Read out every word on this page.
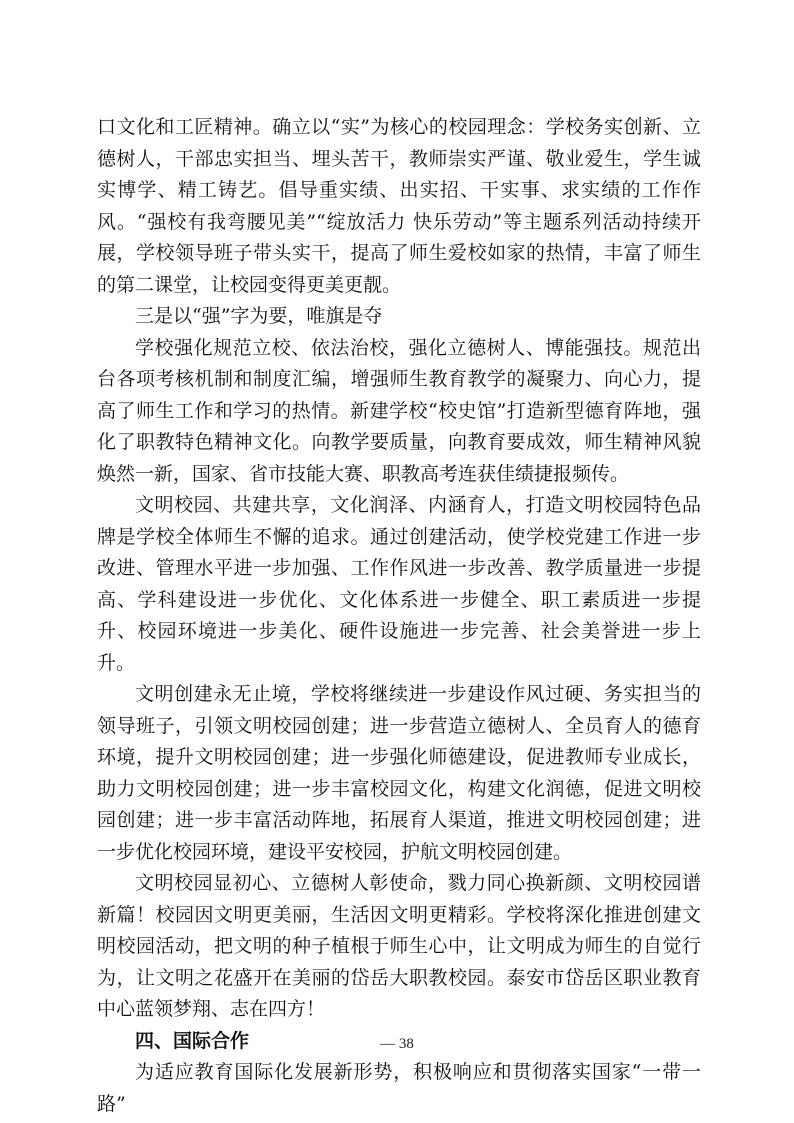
口文化和工匠精神。确立以“实”为核心的校园理念：学校务实创新、立德树人，干部忠实担当、埋头苦干，教师崇实严谨、敬业爱生，学生诚实博学、精工铸艺。倡导重实绩、出实招、干实事、求实绩的工作作风。“强校有我弯腰见美”“绽放活力 快乐劳动”等主题系列活动持续开展，学校领导班子带头实干，提高了师生爱校如家的热情，丰富了师生的第二课堂，让校园变得更美更靓。

三是以“强”字为要，唯旗是夺

学校强化规范立校、依法治校，强化立德树人、博能强技。规范出台各项考核机制和制度汇编，增强师生教育教学的凝聚力、向心力，提高了师生工作和学习的热情。新建学校“校史馆”打造新型德育阵地，强化了职教特色精神文化。向教学要质量，向教育要成效，师生精神风貌焕然一新，国家、省市技能大赛、职教高考连获佳绩捷报频传。

文明校园、共建共享，文化润泽、内涵育人，打造文明校园特色品牌是学校全体师生不懈的追求。通过创建活动，使学校党建工作进一步改进、管理水平进一步加强、工作作风进一步改善、教学质量进一步提高、学科建设进一步优化、文化体系进一步健全、职工素质进一步提升、校园环境进一步美化、硬件设施进一步完善、社会美誉进一步上升。

文明创建永无止境，学校将继续进一步建设作风过硬、务实担当的领导班子，引领文明校园创建；进一步营造立德树人、全员育人的德育环境，提升文明校园创建；进一步强化师德建设，促进教师专业成长，助力文明校园创建；进一步丰富校园文化，构建文化润德，促进文明校园创建；进一步丰富活动阵地，拓展育人渠道，推进文明校园创建；进一步优化校园环境，建设平安校园，护航文明校园创建。

文明校园显初心、立德树人彰使命，戮力同心换新颜、文明校园谱新篇！校园因文明更美丽，生活因文明更精彩。学校将深化推进创建文明校园活动，把文明的种子植根于师生心中，让文明成为师生的自觉行为，让文明之花盛开在美丽的岱岳大职教校园。泰安市岱岳区职业教育中心蓝领梦翔、志在四方！

四、国际合作

为适应教育国际化发展新形势，积极响应和贯彻落实国家“一带一路”

— 38
